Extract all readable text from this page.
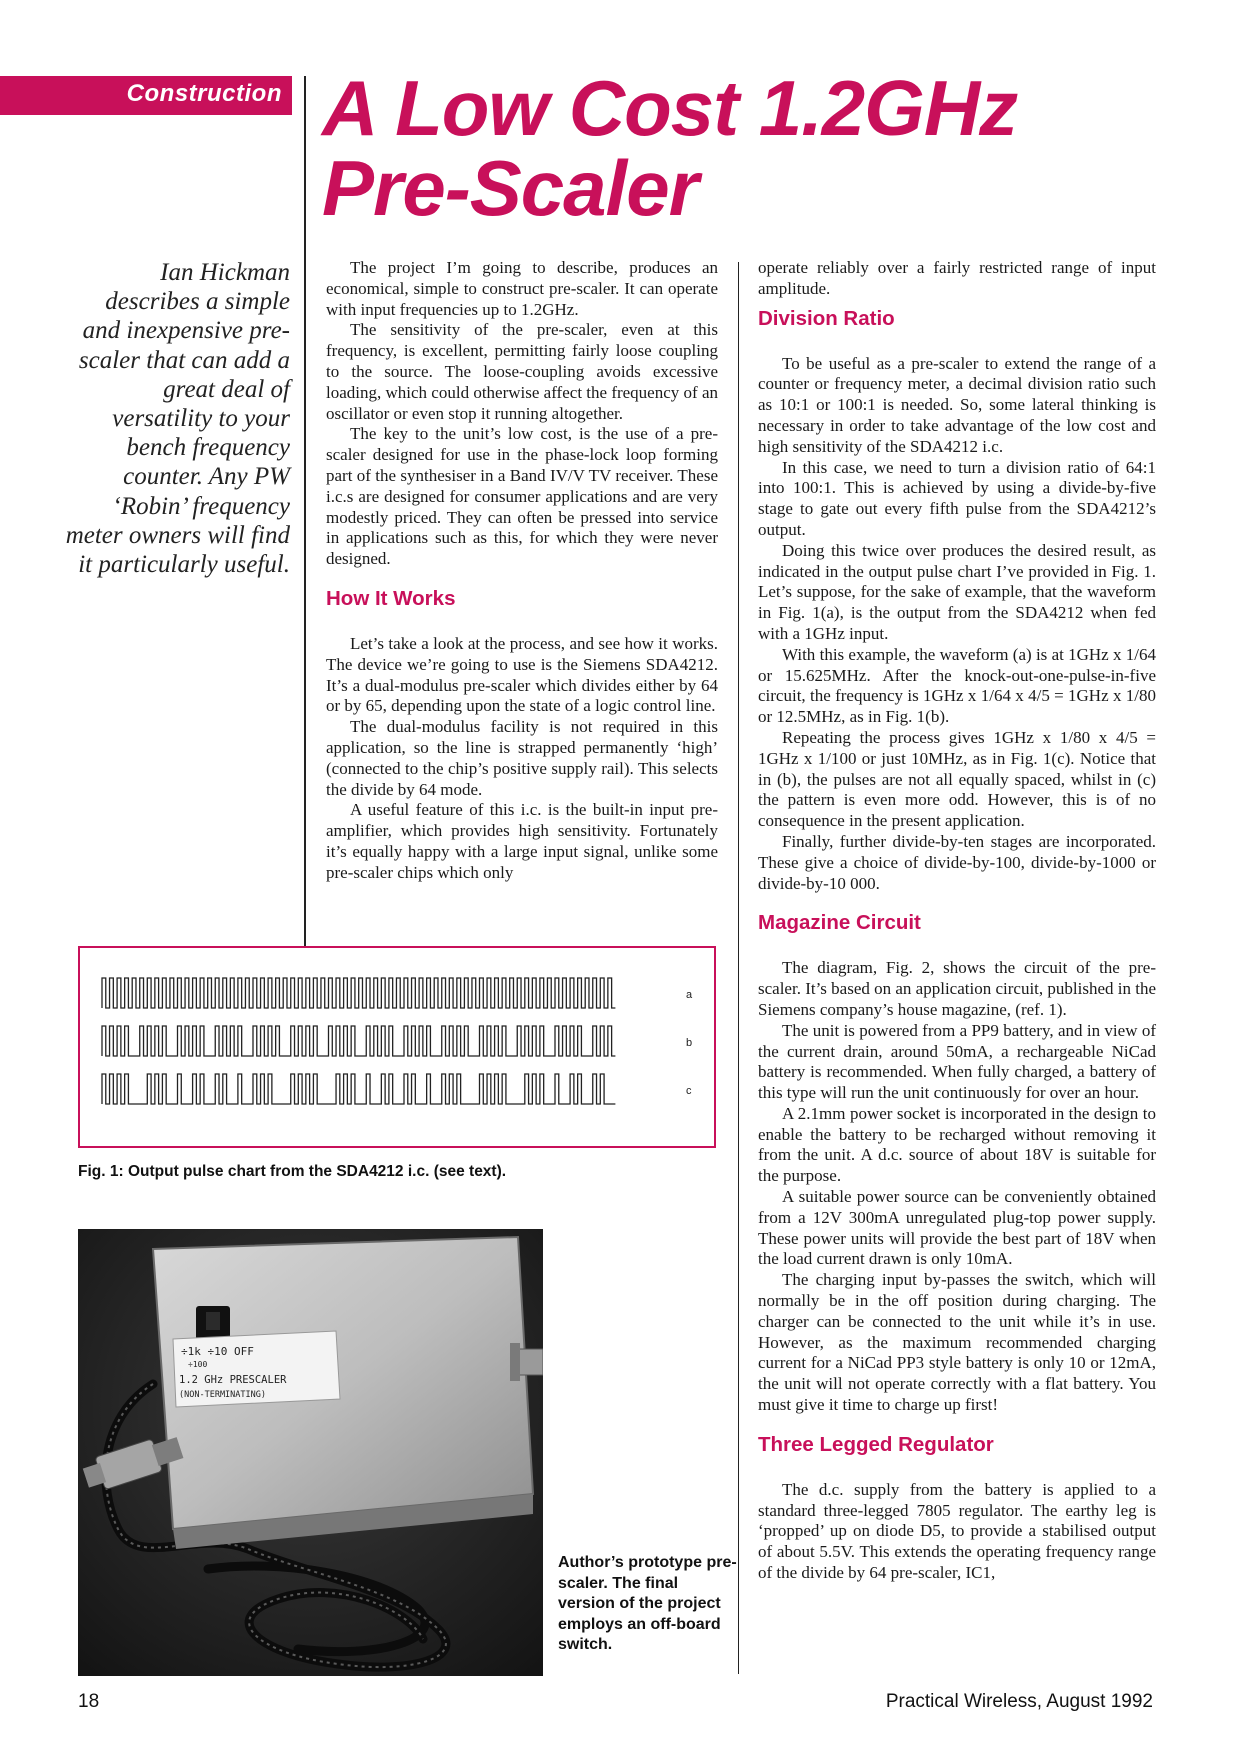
Construction A Low Cost 1.2GHz
Pre-Scaler
Ian Hickman describes a simple and inexpensive pre-scaler that can add a great deal of versatility to your bench frequency counter. Any PW ‘Robin’ frequency meter owners will find it particularly useful.

The project I’m going to describe, produces an economical, simple to construct pre-scaler. It can operate with input frequencies up to 1.2GHz.

The sensitivity of the pre-scaler, even at this frequency, is excellent, permitting fairly loose coupling to the source. The loose-coupling avoids excessive loading, which could otherwise affect the frequency of an oscillator or even stop it running altogether.

The key to the unit’s low cost, is the use of a pre-scaler designed for use in the phase-lock loop forming part of the synthesiser in a Band IV/V TV receiver. These i.c.s are designed for consumer applications and are very modestly priced. They can often be pressed into service in applications such as this, for which they were never designed.

How It Works

Let’s take a look at the process, and see how it works. The device we’re going to use is the Siemens SDA4212. It’s a dual-modulus pre-scaler which divides either by 64 or by 65, depending upon the state of a logic control line.

The dual-modulus facility is not required in this application, so the line is strapped permanently ‘high’ (connected to the chip’s positive supply rail). This selects the divide by 64 mode.

A useful feature of this i.c. is the built-in input pre-amplifier, which provides high sensitivity. Fortunately it’s equally happy with a large input signal, unlike some pre-scaler chips which only

operate reliably over a fairly restricted range of input amplitude.

Division Ratio

To be useful as a pre-scaler to extend the range of a counter or frequency meter, a decimal division ratio such as 10:1 or 100:1 is needed. So, some lateral thinking is necessary in order to take advantage of the low cost and high sensitivity of the SDA4212 i.c.

In this case, we need to turn a division ratio of 64:1 into 100:1. This is achieved by using a divide-by-five stage to gate out every fifth pulse from the SDA4212’s output.

Doing this twice over produces the desired result, as indicated in the output pulse chart I’ve provided in Fig. 1. Let’s suppose, for the sake of example, that the waveform in Fig. 1(a), is the output from the SDA4212 when fed with a 1GHz input.

With this example, the waveform (a) is at 1GHz x 1/64 or 15.625MHz. After the knock-out-one-pulse-in-five circuit, the frequency is 1GHz x 1/64 x 4/5 = 1GHz x 1/80 or 12.5MHz, as in Fig. 1(b).

Repeating the process gives 1GHz x 1/80 x 4/5 = 1GHz x 1/100 or just 10MHz, as in Fig. 1(c). Notice that in (b), the pulses are not all equally spaced, whilst in (c) the pattern is even more odd. However, this is of no consequence in the present application.

Finally, further divide-by-ten stages are incorporated. These give a choice of divide-by-100, divide-by-1000 or divide-by-10 000.

Magazine Circuit

The diagram, Fig. 2, shows the circuit of the pre-scaler. It’s based on an application circuit, published in the Siemens company’s house magazine, (ref. 1).

The unit is powered from a PP9 battery, and in view of the current drain, around 50mA, a rechargeable NiCad battery is recommended. When fully charged, a battery of this type will run the unit continuously for over an hour.

A 2.1mm power socket is incorporated in the design to enable the battery to be recharged without removing it from the unit. A d.c. source of about 18V is suitable for the purpose.

A suitable power source can be conveniently obtained from a 12V 300mA unregulated plug-top power supply. These power units will provide the best part of 18V when the load current drawn is only 10mA.

The charging input by-passes the switch, which will normally be in the off position during charging. The charger can be connected to the unit while it’s in use. However, as the maximum recommended charging current for a NiCad PP3 style battery is only 10 or 12mA, the unit will not operate correctly with a flat battery. You must give it time to charge up first!

Three Legged Regulator

The d.c. supply from the battery is applied to a standard three-legged 7805 regulator. The earthy leg is ‘propped’ up on diode D5, to provide a stabilised output of about 5.5V. This extends the operating frequency range of the divide by 64 pre-scaler, IC1,

a
b
c
Fig. 1: Output pulse chart from the SDA4212 i.c. (see text).
÷1k ÷10 OFF
÷100
1.2 GHz PRESCALER
(NON-TERMINATING)
Author’s prototype pre-scaler. The final version of the project employs an off-board switch.
18	Practical Wireless, August 1992
